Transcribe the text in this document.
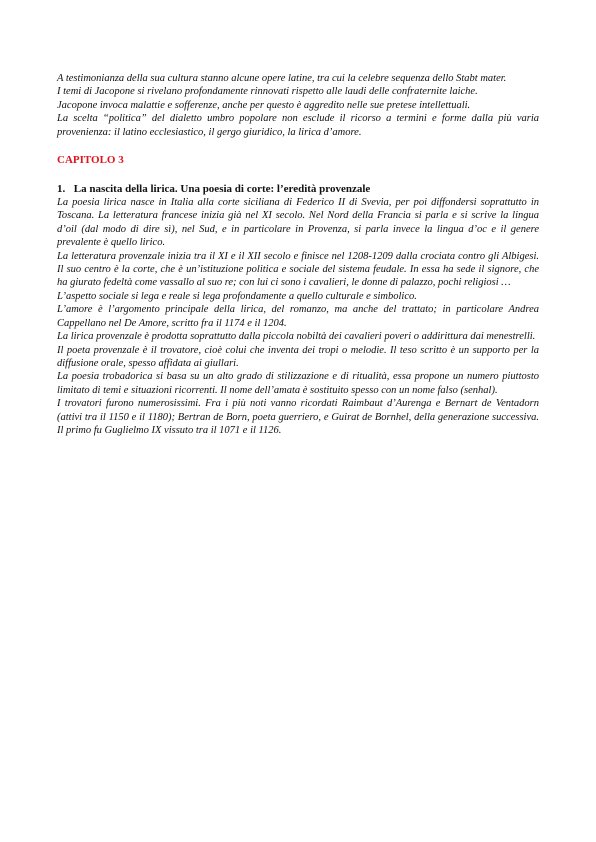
A testimonianza della sua cultura stanno alcune opere latine, tra cui la celebre sequenza dello Stabt mater.

I temi di Jacopone si rivelano profondamente rinnovati rispetto alle laudi delle confraternite laiche.

Jacopone invoca malattie e sofferenze, anche per questo è aggredito nelle sue pretese intellettuali.

La scelta “politica” del dialetto umbro popolare non esclude il ricorso a termini e forme dalla più varia provenienza: il latino ecclesiastico, il gergo giuridico, la lirica d’amore.

CAPITOLO 3
1. La nascita della lirica. Una poesia di corte: l’eredità provenzale

La poesia lirica nasce in Italia alla corte siciliana di Federico II di Svevia, per poi diffondersi soprattutto in Toscana. La letteratura francese inizia già nel XI secolo. Nel Nord della Francia si parla e si scrive la lingua d’oil (dal modo di dire sì), nel Sud, e in particolare in Provenza, si parla invece la lingua d’oc e il genere prevalente è quello lirico.

La letteratura provenzale inizia tra il XI e il XII secolo e finisce nel 1208-1209 dalla crociata contro gli Albigesi. Il suo centro è la corte, che è un’istituzione politica e sociale del sistema feudale. In essa ha sede il signore, che ha giurato fedeltà come vassallo al suo re; con lui ci sono i cavalieri, le donne di palazzo, pochi religiosi …

L’aspetto sociale si lega e reale si lega profondamente a quello culturale e simbolico.

L’amore è l’argomento principale della lirica, del romanzo, ma anche del trattato; in particolare Andrea Cappellano nel De Amore, scritto fra il 1174 e il 1204.

La lirica provenzale è prodotta soprattutto dalla piccola nobiltà dei cavalieri poveri o addirittura dai menestrelli.

Il poeta provenzale è il trovatore, cioè colui che inventa dei tropi o melodie. Il teso scritto è un supporto per la diffusione orale, spesso affidata ai giullari.

La poesia trobadorica si basa su un alto grado di stilizzazione e di ritualità, essa propone un numero piuttosto limitato di temi e situazioni ricorrenti. Il nome dell’amata è sostituito spesso con un nome falso (senhal).

I trovatori furono numerosissimi. Fra i più noti vanno ricordati Raimbaut d’Aurenga e Bernart de Ventadorn (attivi tra il 1150 e il 1180); Bertran de Born, poeta guerriero, e Guirat de Bornhel, della generazione successiva. Il primo fu Guglielmo IX vissuto tra il 1071 e il 1126.
